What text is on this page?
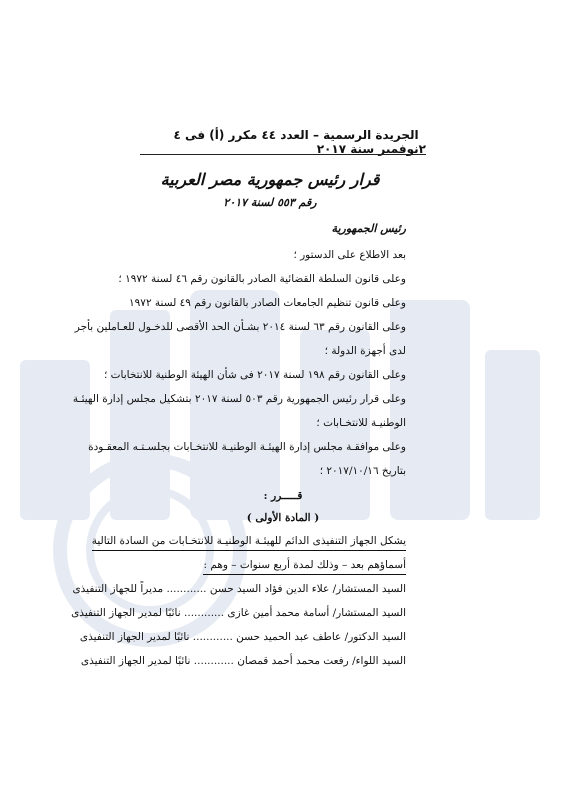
٢
الجريدة الرسمية – العدد ٤٤ مكرر (أ) فى ٤ نوفمبر سنة ٢٠١٧
قرار رئيس جمهورية مصر العربية
رقم ٥٥٣ لسنة ٢٠١٧
رئيس الجمهورية
بعد الاطلاع على الدستور ؛
وعلى قانون السلطة القضائية الصادر بالقانون رقم ٤٦ لسنة ١٩٧٢ ؛
وعلى قانون تنظيم الجامعات الصادر بالقانون رقم ٤٩ لسنة ١٩٧٢
وعلى القانون رقم ٦٣ لسنة ٢٠١٤ بشـأن الحد الأقصى للدخـول للعـاملين بأجر
لدى أجهزة الدولة ؛
وعلى القانون رقم ١٩٨ لسنة ٢٠١٧ فى شأن الهيئة الوطنية للانتخابات ؛
وعلى قرار رئيس الجمهورية رقم ٥٠٣ لسنة ٢٠١٧ بتشكيل مجلس إدارة الهيئـة
الوطنيـة للانتخـابات ؛
وعلى موافقـة مجلس إدارة الهيئـة الوطنيـة للانتخـابات بجلسـتـه المعقـودة
بتاريخ ٢٠١٧/١٠/١٦ ؛
قـــــرر :
( المادة الأولى )
يشكل الجهاز التنفيذى الدائم للهيئـة الوطنيـة للانتخـابات من السادة التالية
أسماؤهم بعد – وذلك لمدة أربع سنوات – وهم :
السيد المستشار/ علاء الدين فؤاد السيد حسن ............ مديراً للجهاز التنفيذى
السيد المستشار/ أسامة محمد أمين غازى ............ نائبًا لمدير الجهاز التنفيذى
السيد الدكتور/ عاطف عبد الحميد حسن ............ نائبًا لمدير الجهاز التنفيذى
السيد اللواء/ رفعت محمد أحمد قمصان ............ نائبًا لمدير الجهاز التنفيذى
